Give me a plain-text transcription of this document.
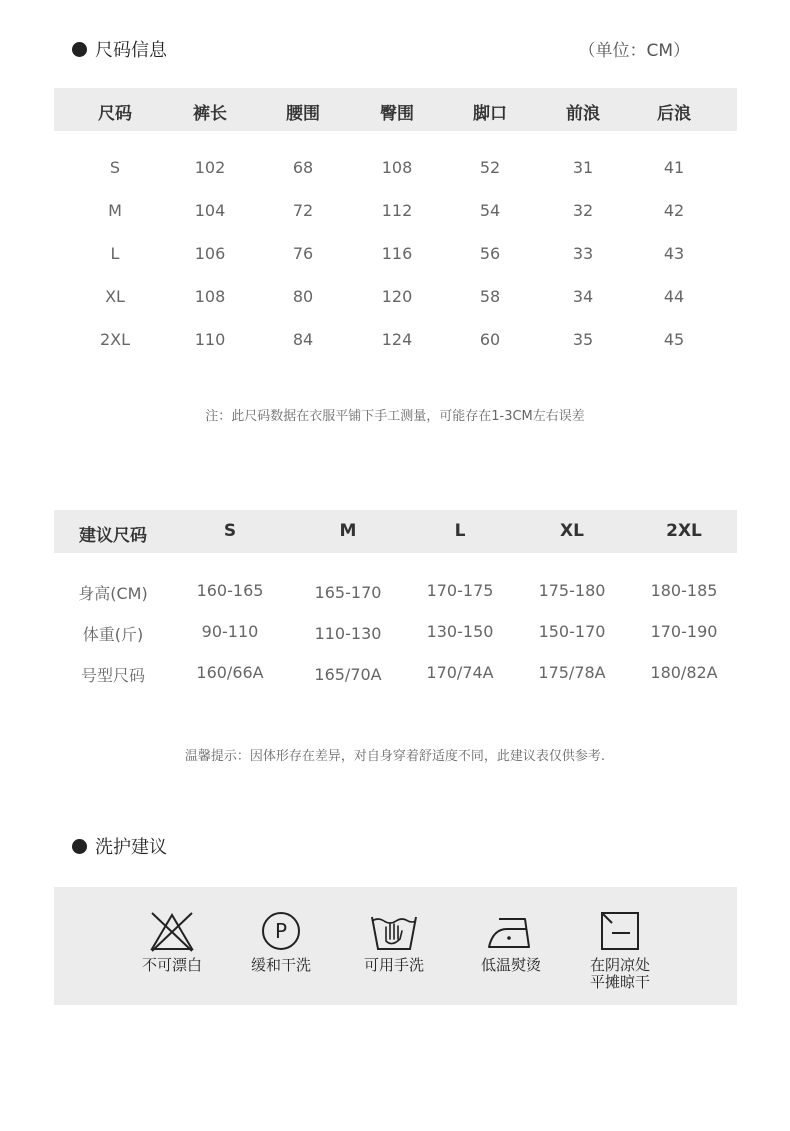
尺码信息	（单位：CM）
尺码	裤长	腰围	臀围	脚口	前浪	后浪
S	102	68	108	52	31	41
M	104	72	112	54	32	42
L	106	76	116	56	33	43
XL	108	80	120	58	34	44
2XL	110	84	124	60	35	45
注：此尺码数据在衣服平铺下手工测量，可能存在1-3CM左右误差
建议尺码	S	M	L	XL	2XL
身高(CM)	160-165	165-170	170-175	175-180	180-185
体重(斤)	90-110	110-130	130-150	150-170	170-190
号型尺码	160/66A	165/70A	170/74A	175/78A	180/82A
温馨提示：因体形存在差异，对自身穿着舒适度不同，此建议表仅供参考.
洗护建议
不可漂白
P
缓和干洗	可用手洗	低温熨烫	在阴凉处
平摊晾干
